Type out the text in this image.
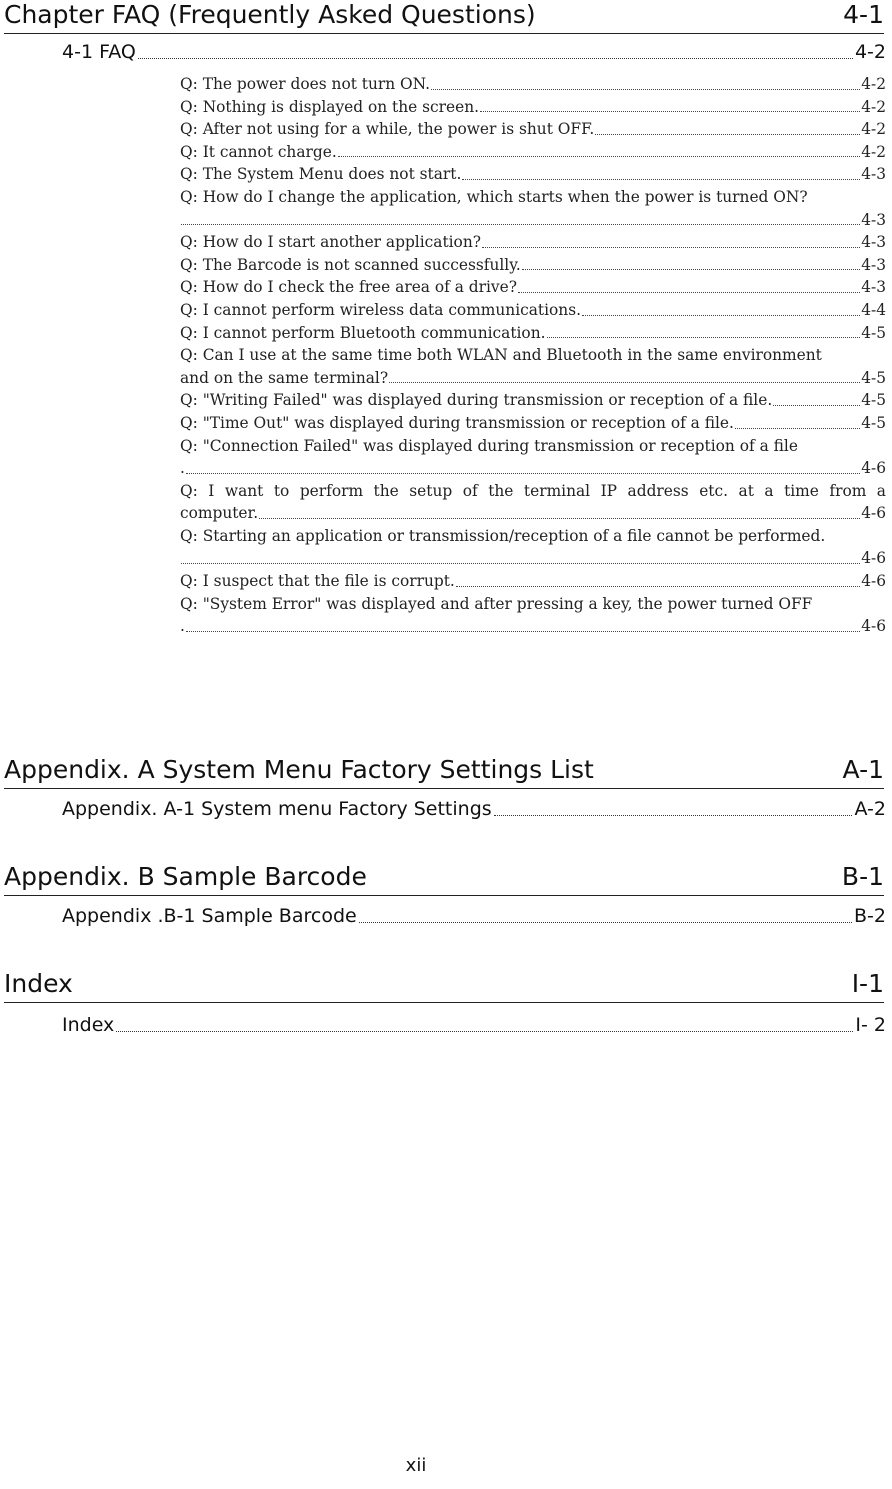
Chapter FAQ (Frequently Asked Questions)	4-1
4-1 FAQ	4-2
Q: The power does not turn ON.	4-2
Q: Nothing is displayed on the screen.	4-2
Q: After not using for a while, the power is shut OFF.	4-2
Q: It cannot charge.	4-2
Q: The System Menu does not start.	4-3
Q: How do I change the application, which starts when the power is turned ON?
4-3
Q: How do I start another application?	4-3
Q: The Barcode is not scanned successfully.	4-3
Q: How do I check the free area of a drive?	4-3
Q: I cannot perform wireless data communications.	4-4
Q: I cannot perform Bluetooth communication.	4-5
Q: Can I use at the same time both WLAN and Bluetooth in the same environment
and on the same terminal?	4-5
Q: "Writing Failed" was displayed during transmission or reception of a file.	4-5
Q: "Time Out" was displayed during transmission or reception of a file.	4-5
Q: "Connection Failed" was displayed during transmission or reception of a file
.	4-6
Q: I want to perform the setup of the terminal IP address etc. at a time from a
computer.	4-6
Q: Starting an application or transmission/reception of a file cannot be performed.
4-6
Q: I suspect that the file is corrupt.	4-6
Q: "System Error" was displayed and after pressing a key, the power turned OFF
.	4-6
Appendix. A System Menu Factory Settings List	A-1
Appendix. A-1 System menu Factory Settings	A-2
Appendix. B Sample Barcode	B-1
Appendix .B-1 Sample Barcode	B-2
Index	I-1
Index	I- 2
xii
